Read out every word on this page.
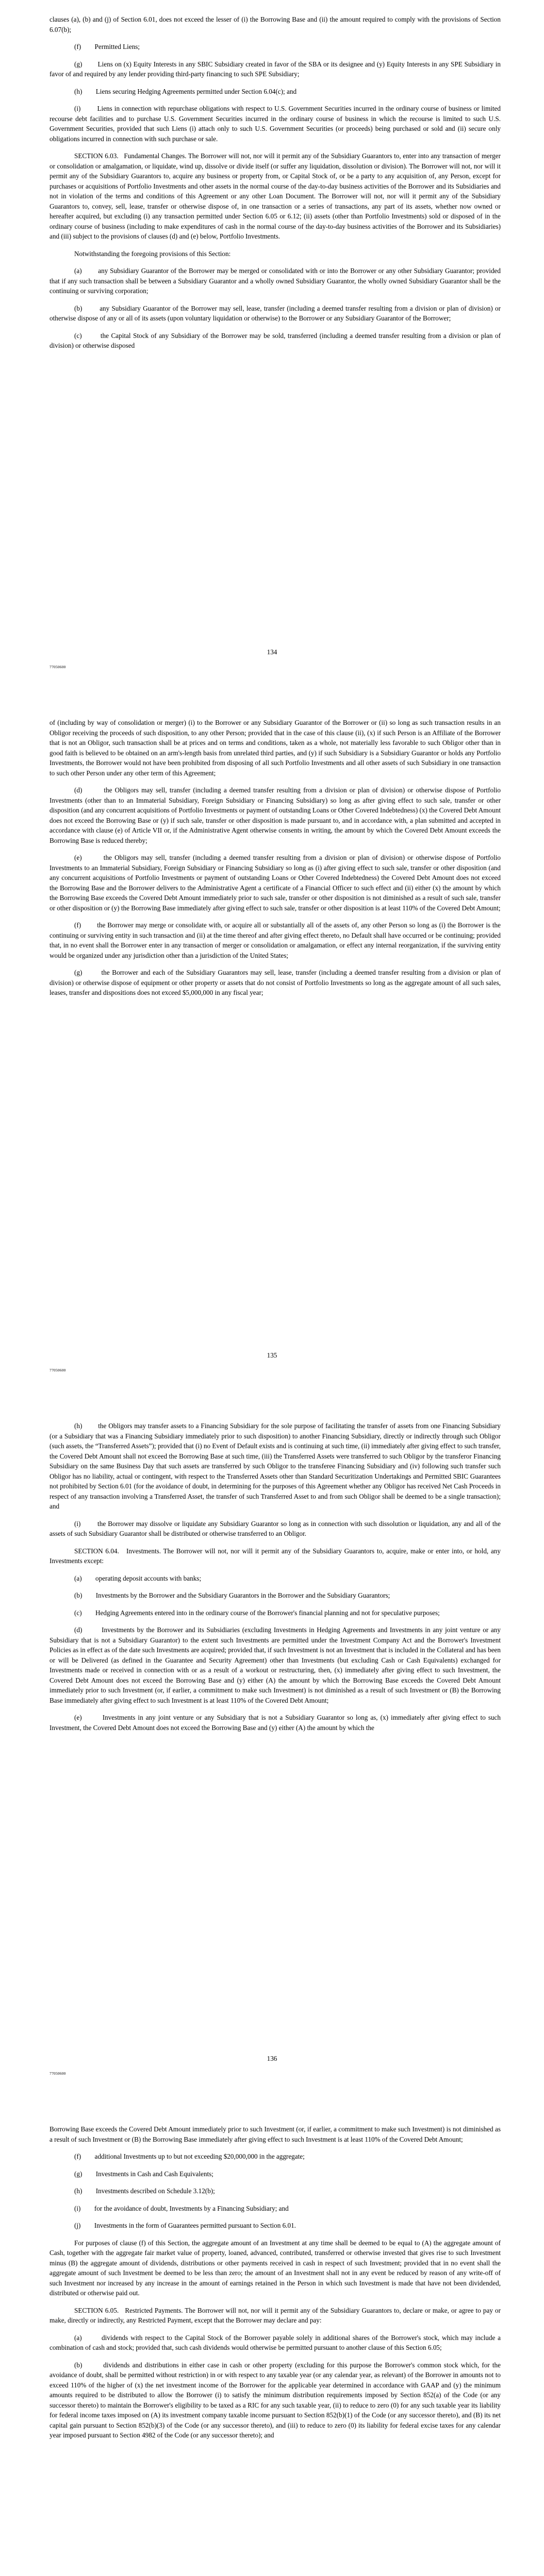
clauses (a), (b) and (j) of Section 6.01, does not exceed the lesser of (i) the Borrowing Base and (ii) the amount required to comply with the provisions of Section 6.07(b);

(f)        Permitted Liens;

(g)        Liens on (x) Equity Interests in any SBIC Subsidiary created in favor of the SBA or its designee and (y) Equity Interests in any SPE Subsidiary in favor of and required by any lender providing third-party financing to such SPE Subsidiary;

(h)        Liens securing Hedging Agreements permitted under Section 6.04(c); and

(i)        Liens in connection with repurchase obligations with respect to U.S. Government Securities incurred in the ordinary course of business or limited recourse debt facilities and to purchase U.S. Government Securities incurred in the ordinary course of business in which the recourse is limited to such U.S. Government Securities, provided that such Liens (i) attach only to such U.S. Government Securities (or proceeds) being purchased or sold and (ii) secure only obligations incurred in connection with such purchase or sale.

SECTION 6.03.   Fundamental Changes. The Borrower will not, nor will it permit any of the Subsidiary Guarantors to, enter into any transaction of merger or consolidation or amalgamation, or liquidate, wind up, dissolve or divide itself (or suffer any liquidation, dissolution or division). The Borrower will not, nor will it permit any of the Subsidiary Guarantors to, acquire any business or property from, or Capital Stock of, or be a party to any acquisition of, any Person, except for purchases or acquisitions of Portfolio Investments and other assets in the normal course of the day-to-day business activities of the Borrower and its Subsidiaries and not in violation of the terms and conditions of this Agreement or any other Loan Document. The Borrower will not, nor will it permit any of the Subsidiary Guarantors to, convey, sell, lease, transfer or otherwise dispose of, in one transaction or a series of transactions, any part of its assets, whether now owned or hereafter acquired, but excluding (i) any transaction permitted under Section 6.05 or 6.12; (ii) assets (other than Portfolio Investments) sold or disposed of in the ordinary course of business (including to make expenditures of cash in the normal course of the day-to-day business activities of the Borrower and its Subsidiaries) and (iii) subject to the provisions of clauses (d) and (e) below, Portfolio Investments.

Notwithstanding the foregoing provisions of this Section:

(a)        any Subsidiary Guarantor of the Borrower may be merged or consolidated with or into the Borrower or any other Subsidiary Guarantor; provided that if any such transaction shall be between a Subsidiary Guarantor and a wholly owned Subsidiary Guarantor, the wholly owned Subsidiary Guarantor shall be the continuing or surviving corporation;

(b)        any Subsidiary Guarantor of the Borrower may sell, lease, transfer (including a deemed transfer resulting from a division or plan of division) or otherwise dispose of any or all of its assets (upon voluntary liquidation or otherwise) to the Borrower or any Subsidiary Guarantor of the Borrower;

(c)        the Capital Stock of any Subsidiary of the Borrower may be sold, transferred (including a deemed transfer resulting from a division or plan of division) or otherwise disposed

134
77050600

of (including by way of consolidation or merger) (i) to the Borrower or any Subsidiary Guarantor of the Borrower or (ii) so long as such transaction results in an Obligor receiving the proceeds of such disposition, to any other Person; provided that in the case of this clause (ii), (x) if such Person is an Affiliate of the Borrower that is not an Obligor, such transaction shall be at prices and on terms and conditions, taken as a whole, not materially less favorable to such Obligor other than in good faith is believed to be obtained on an arm's-length basis from unrelated third parties, and (y) if such Subsidiary is a Subsidiary Guarantor or holds any Portfolio Investments, the Borrower would not have been prohibited from disposing of all such Portfolio Investments and all other assets of such Subsidiary in one transaction to such other Person under any other term of this Agreement;

(d)        the Obligors may sell, transfer (including a deemed transfer resulting from a division or plan of division) or otherwise dispose of Portfolio Investments (other than to an Immaterial Subsidiary, Foreign Subsidiary or Financing Subsidiary) so long as after giving effect to such sale, transfer or other disposition (and any concurrent acquisitions of Portfolio Investments or payment of outstanding Loans or Other Covered Indebtedness) (x) the Covered Debt Amount does not exceed the Borrowing Base or (y) if such sale, transfer or other disposition is made pursuant to, and in accordance with, a plan submitted and accepted in accordance with clause (e) of Article VII or, if the Administrative Agent otherwise consents in writing, the amount by which the Covered Debt Amount exceeds the Borrowing Base is reduced thereby;

(e)        the Obligors may sell, transfer (including a deemed transfer resulting from a division or plan of division) or otherwise dispose of Portfolio Investments to an Immaterial Subsidiary, Foreign Subsidiary or Financing Subsidiary so long as (i) after giving effect to such sale, transfer or other disposition (and any concurrent acquisitions of Portfolio Investments or payment of outstanding Loans or Other Covered Indebtedness) the Covered Debt Amount does not exceed the Borrowing Base and the Borrower delivers to the Administrative Agent a certificate of a Financial Officer to such effect and (ii) either (x) the amount by which the Borrowing Base exceeds the Covered Debt Amount immediately prior to such sale, transfer or other disposition is not diminished as a result of such sale, transfer or other disposition or (y) the Borrowing Base immediately after giving effect to such sale, transfer or other disposition is at least 110% of the Covered Debt Amount;

(f)        the Borrower may merge or consolidate with, or acquire all or substantially all of the assets of, any other Person so long as (i) the Borrower is the continuing or surviving entity in such transaction and (ii) at the time thereof and after giving effect thereto, no Default shall have occurred or be continuing; provided that, in no event shall the Borrower enter in any transaction of merger or consolidation or amalgamation, or effect any internal reorganization, if the surviving entity would be organized under any jurisdiction other than a jurisdiction of the United States;

(g)        the Borrower and each of the Subsidiary Guarantors may sell, lease, transfer (including a deemed transfer resulting from a division or plan of division) or otherwise dispose of equipment or other property or assets that do not consist of Portfolio Investments so long as the aggregate amount of all such sales, leases, transfer and dispositions does not exceed $5,000,000 in any fiscal year;

135
77050600

(h)        the Obligors may transfer assets to a Financing Subsidiary for the sole purpose of facilitating the transfer of assets from one Financing Subsidiary (or a Subsidiary that was a Financing Subsidiary immediately prior to such disposition) to another Financing Subsidiary, directly or indirectly through such Obligor (such assets, the “Transferred Assets”); provided that (i) no Event of Default exists and is continuing at such time, (ii) immediately after giving effect to such transfer, the Covered Debt Amount shall not exceed the Borrowing Base at such time, (iii) the Transferred Assets were transferred to such Obligor by the transferor Financing Subsidiary on the same Business Day that such assets are transferred by such Obligor to the transferee Financing Subsidiary and (iv) following such transfer such Obligor has no liability, actual or contingent, with respect to the Transferred Assets other than Standard Securitization Undertakings and Permitted SBIC Guarantees not prohibited by Section 6.01 (for the avoidance of doubt, in determining for the purposes of this Agreement whether any Obligor has received Net Cash Proceeds in respect of any transaction involving a Transferred Asset, the transfer of such Transferred Asset to and from such Obligor shall be deemed to be a single transaction); and

(i)        the Borrower may dissolve or liquidate any Subsidiary Guarantor so long as in connection with such dissolution or liquidation, any and all of the assets of such Subsidiary Guarantor shall be distributed or otherwise transferred to an Obligor.

SECTION 6.04.   Investments. The Borrower will not, nor will it permit any of the Subsidiary Guarantors to, acquire, make or enter into, or hold, any Investments except:

(a)        operating deposit accounts with banks;

(b)        Investments by the Borrower and the Subsidiary Guarantors in the Borrower and the Subsidiary Guarantors;

(c)        Hedging Agreements entered into in the ordinary course of the Borrower's financial planning and not for speculative purposes;

(d)        Investments by the Borrower and its Subsidiaries (excluding Investments in Hedging Agreements and Investments in any joint venture or any Subsidiary that is not a Subsidiary Guarantor) to the extent such Investments are permitted under the Investment Company Act and the Borrower's Investment Policies as in effect as of the date such Investments are acquired; provided that, if such Investment is not an Investment that is included in the Collateral and has been or will be Delivered (as defined in the Guarantee and Security Agreement) other than Investments (but excluding Cash or Cash Equivalents) exchanged for Investments made or received in connection with or as a result of a workout or restructuring, then, (x) immediately after giving effect to such Investment, the Covered Debt Amount does not exceed the Borrowing Base and (y) either (A) the amount by which the Borrowing Base exceeds the Covered Debt Amount immediately prior to such Investment (or, if earlier, a commitment to make such Investment) is not diminished as a result of such Investment or (B) the Borrowing Base immediately after giving effect to such Investment is at least 110% of the Covered Debt Amount;

(e)        Investments in any joint venture or any Subsidiary that is not a Subsidiary Guarantor so long as, (x) immediately after giving effect to such Investment, the Covered Debt Amount does not exceed the Borrowing Base and (y) either (A) the amount by which the

136
77050600

Borrowing Base exceeds the Covered Debt Amount immediately prior to such Investment (or, if earlier, a commitment to make such Investment) is not diminished as a result of such Investment or (B) the Borrowing Base immediately after giving effect to such Investment is at least 110% of the Covered Debt Amount;

(f)        additional Investments up to but not exceeding $20,000,000 in the aggregate;

(g)        Investments in Cash and Cash Equivalents;

(h)        Investments described on Schedule 3.12(b);

(i)        for the avoidance of doubt, Investments by a Financing Subsidiary; and

(j)        Investments in the form of Guarantees permitted pursuant to Section 6.01.

For purposes of clause (f) of this Section, the aggregate amount of an Investment at any time shall be deemed to be equal to (A) the aggregate amount of Cash, together with the aggregate fair market value of property, loaned, advanced, contributed, transferred or otherwise invested that gives rise to such Investment minus (B) the aggregate amount of dividends, distributions or other payments received in cash in respect of such Investment; provided that in no event shall the aggregate amount of such Investment be deemed to be less than zero; the amount of an Investment shall not in any event be reduced by reason of any write-off of such Investment nor increased by any increase in the amount of earnings retained in the Person in which such Investment is made that have not been dividended, distributed or otherwise paid out.

SECTION 6.05.   Restricted Payments. The Borrower will not, nor will it permit any of the Subsidiary Guarantors to, declare or make, or agree to pay or make, directly or indirectly, any Restricted Payment, except that the Borrower may declare and pay:

(a)        dividends with respect to the Capital Stock of the Borrower payable solely in additional shares of the Borrower's stock, which may include a combination of cash and stock; provided that, such cash dividends would otherwise be permitted pursuant to another clause of this Section 6.05;

(b)        dividends and distributions in either case in cash or other property (excluding for this purpose the Borrower's common stock which, for the avoidance of doubt, shall be permitted without restriction) in or with respect to any taxable year (or any calendar year, as relevant) of the Borrower in amounts not to exceed 110% of the higher of (x) the net investment income of the Borrower for the applicable year determined in accordance with GAAP and (y) the minimum amounts required to be distributed to allow the Borrower (i) to satisfy the minimum distribution requirements imposed by Section 852(a) of the Code (or any successor thereto) to maintain the Borrower's eligibility to be taxed as a RIC for any such taxable year, (ii) to reduce to zero (0) for any such taxable year its liability for federal income taxes imposed on (A) its investment company taxable income pursuant to Section 852(b)(1) of the Code (or any successor thereto), and (B) its net capital gain pursuant to Section 852(b)(3) of the Code (or any successor thereto), and (iii) to reduce to zero (0) its liability for federal excise taxes for any calendar year imposed pursuant to Section 4982 of the Code (or any successor thereto); and
